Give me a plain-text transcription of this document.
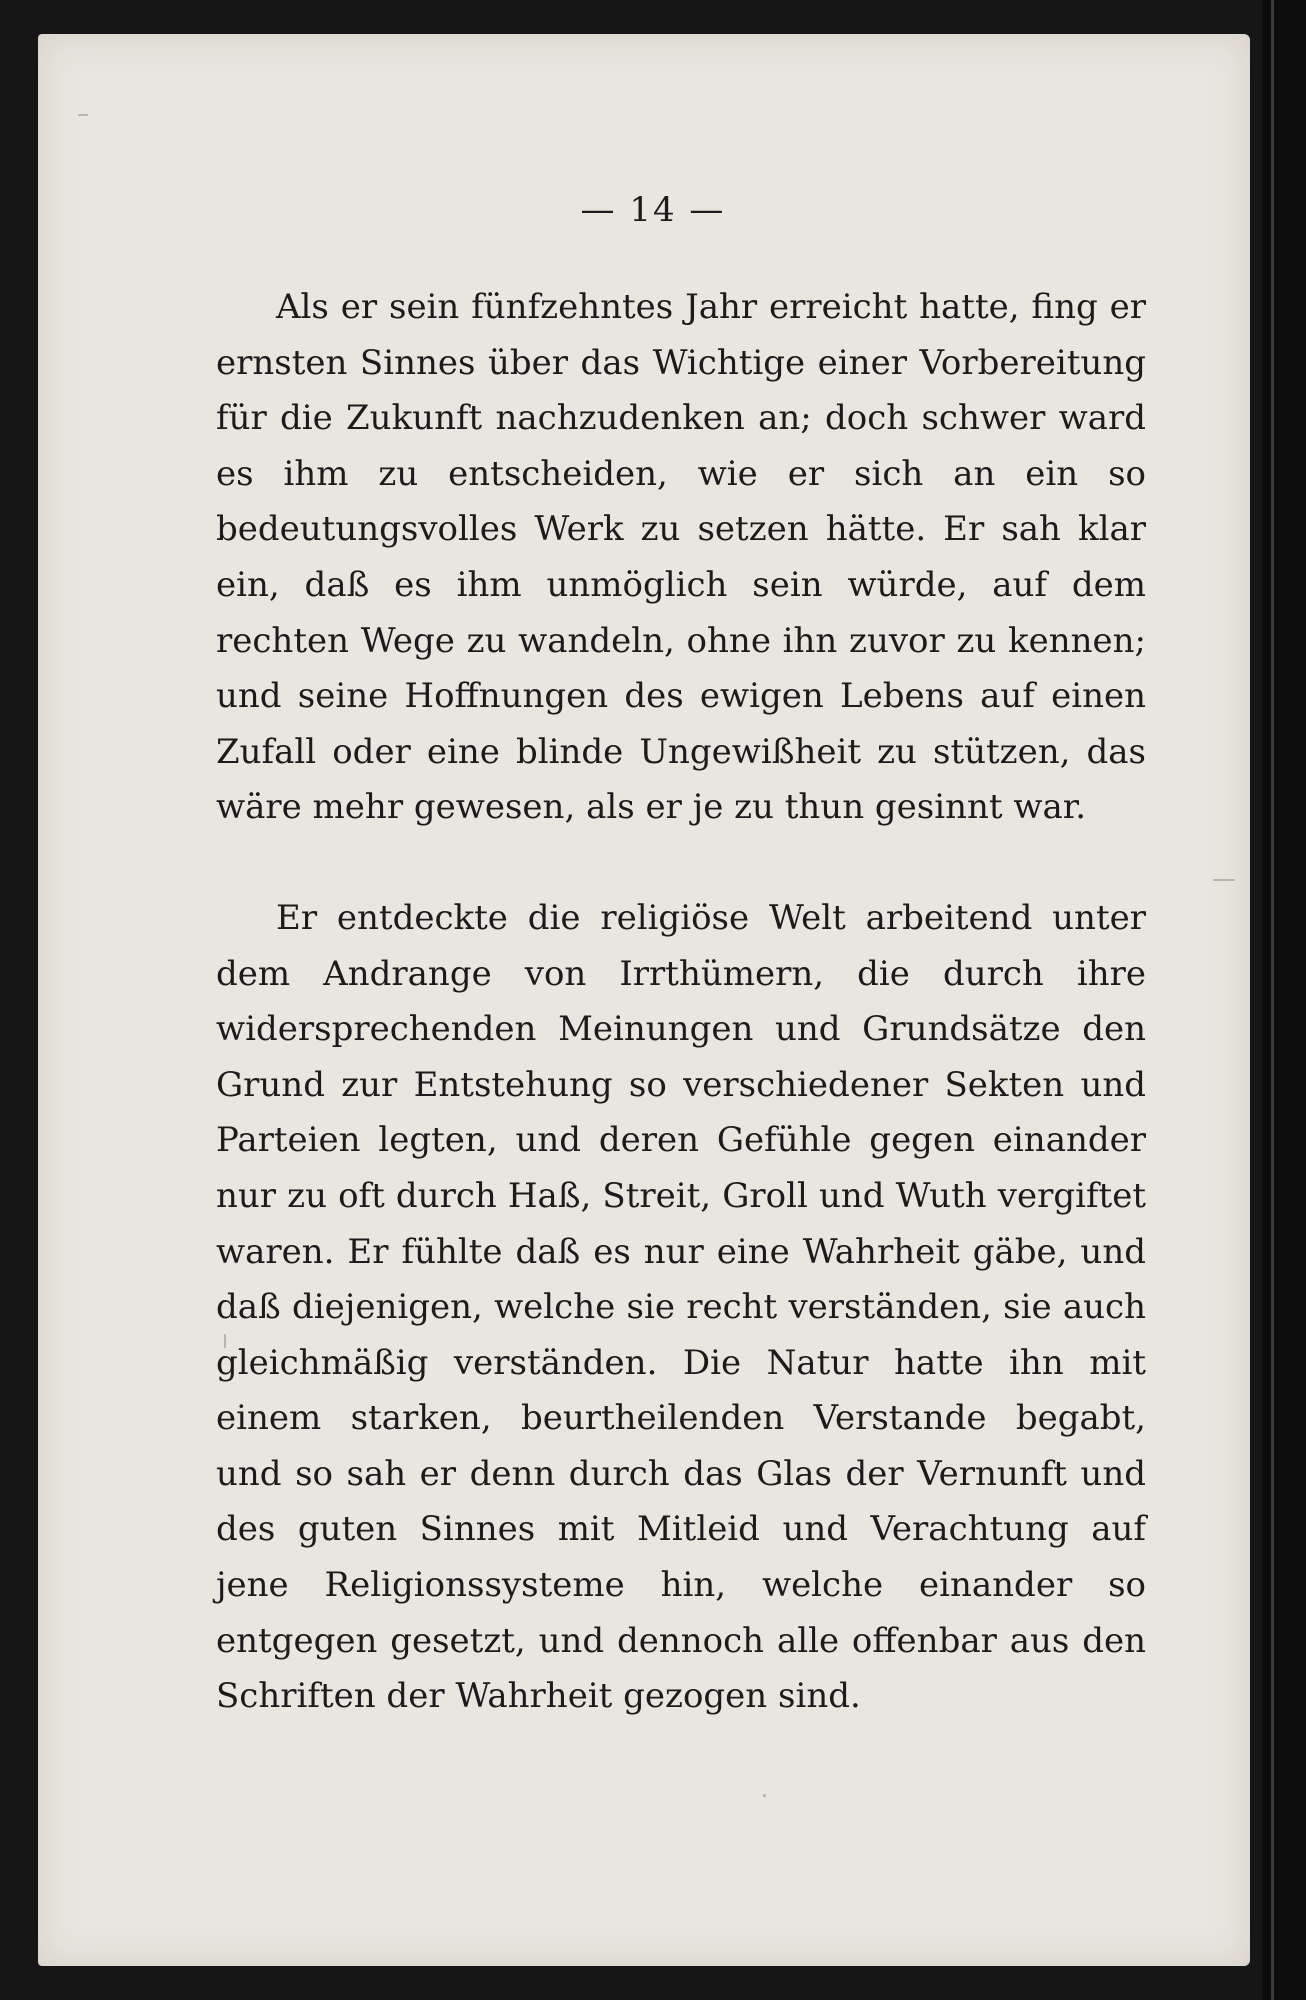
— 14 —

Als er sein fünfzehntes Jahr erreicht hatte, fing er ernsten Sinnes über das Wichtige einer Vorbereitung für die Zukunft nachzudenken an; doch schwer ward es ihm zu entscheiden, wie er sich an ein so bedeutungsvolles Werk zu setzen hätte. Er sah klar ein, daß es ihm unmöglich sein würde, auf dem rechten Wege zu wandeln, ohne ihn zuvor zu kennen; und seine Hoffnungen des ewigen Lebens auf einen Zufall oder eine blinde Ungewißheit zu stützen, das wäre mehr gewesen, als er je zu thun gesinnt war.

Er entdeckte die religiöse Welt arbeitend unter dem Andrange von Irrthümern, die durch ihre widersprechenden Meinungen und Grundsätze den Grund zur Entstehung so verschiedener Sekten und Parteien legten, und deren Gefühle gegen einander nur zu oft durch Haß, Streit, Groll und Wuth vergiftet waren. Er fühlte daß es nur eine Wahrheit gäbe, und daß diejenigen, welche sie recht verständen, sie auch gleichmäßig verständen. Die Natur hatte ihn mit einem starken, beurtheilenden Verstande begabt, und so sah er denn durch das Glas der Vernunft und des guten Sinnes mit Mitleid und Verachtung auf jene Religionssysteme hin, welche einander so entgegen gesetzt, und dennoch alle offenbar aus den Schriften der Wahrheit gezogen sind.
